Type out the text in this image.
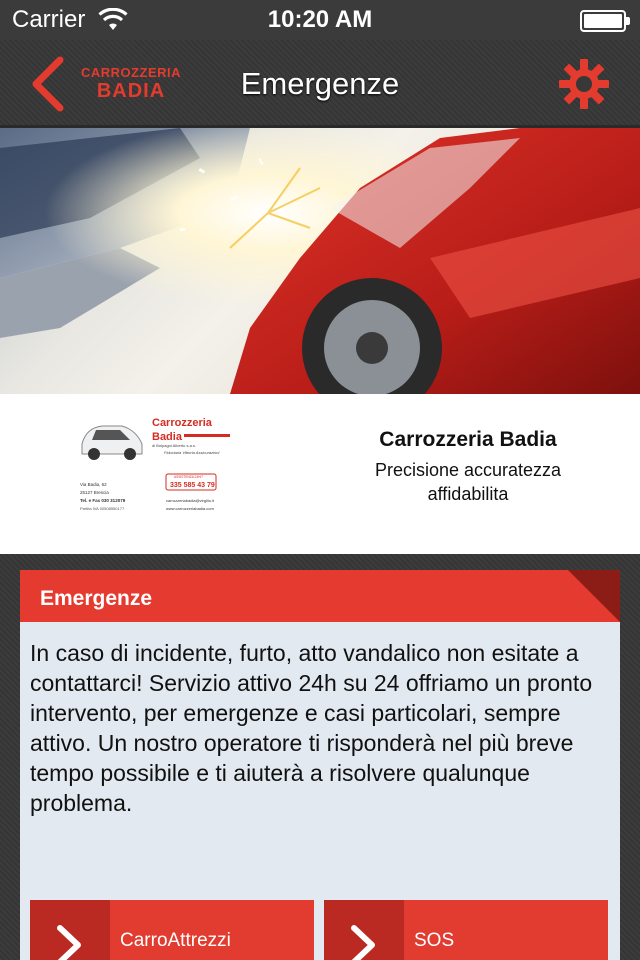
Carrier	10:20 AM
CARROZZERIA
BADIA	Emergenze
Carrozzeria
Badia
di Bolpagni Alberto s.a.s.
Fiduciaria Vittoria Assicurazioni
ASSISTENZA 24H/7
335 585 43 79
Via Badia, 62
25127 Brescia
Tel. e Fax 030 312079
Partita IVA 00508550177
carrozzeriabadia@virgilio.it
www.carrozzeriabadia.com
Carrozzeria Badia
Precisione accuratezza affidabilita
Emergenze
In caso di incidente, furto, atto vandalico non esitate a contattarci! Servizio attivo 24h su 24 offriamo un pronto intervento, per emergenze e casi particolari, sempre attivo. Un nostro operatore ti risponderà nel più breve tempo possibile e ti aiuterà a risolvere qualunque problema.
CarroAttrezzi	SOS
